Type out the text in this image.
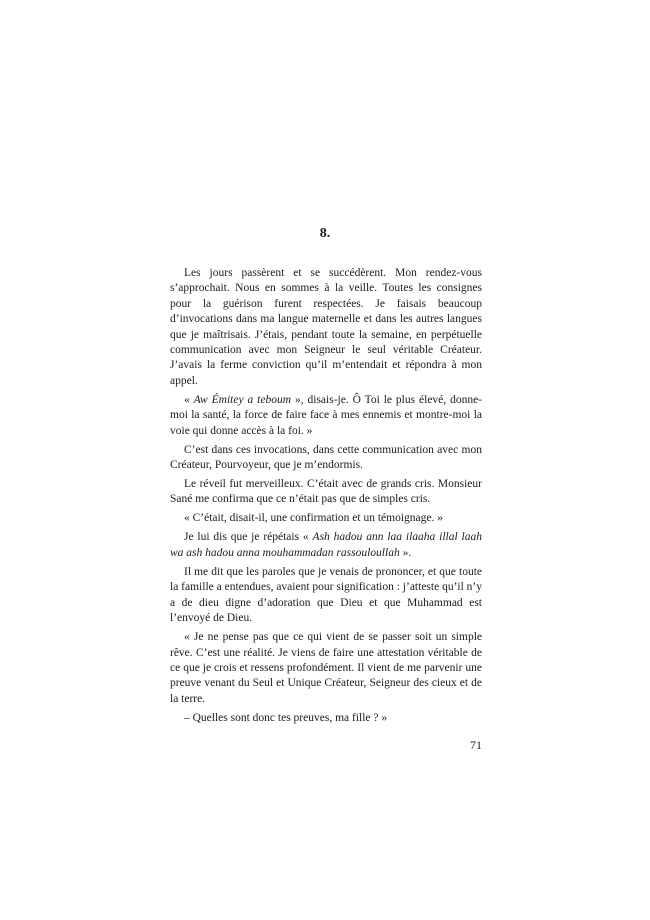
8.

Les jours passèrent et se succédèrent. Mon rendez-vous s’approchait. Nous en sommes à la veille. Toutes les consignes pour la guérison furent respectées. Je faisais beaucoup d’invocations dans ma langue maternelle et dans les autres langues que je maîtrisais. J’étais, pendant toute la semaine, en perpétuelle communication avec mon Seigneur le seul véritable Créateur. J’avais la ferme conviction qu’il m’entendait et répondra à mon appel.

« Aw Émitey a teboum », disais-je. Ô Toi le plus élevé, donne-moi la santé, la force de faire face à mes ennemis et montre-moi la voie qui donne accès à la foi. »

C’est dans ces invocations, dans cette communication avec mon Créateur, Pourvoyeur, que je m’endormis.

Le réveil fut merveilleux. C’était avec de grands cris. Monsieur Sané me confirma que ce n’était pas que de simples cris.

« C’était, disait-il, une confirmation et un témoignage. »

Je lui dis que je répétais « Ash hadou ann laa ilaaha illal laah wa ash hadou anna mouhammadan rassouloullah ».

Il me dit que les paroles que je venais de prononcer, et que toute la famille a entendues, avaient pour signification : j’atteste qu’il n’y a de dieu digne d’adoration que Dieu et que Muhammad est l’envoyé de Dieu.

« Je ne pense pas que ce qui vient de se passer soit un simple rêve. C’est une réalité. Je viens de faire une attestation véritable de ce que je crois et ressens profondément. Il vient de me parvenir une preuve venant du Seul et Unique Créateur, Seigneur des cieux et de la terre.

– Quelles sont donc tes preuves, ma fille ? »

71
